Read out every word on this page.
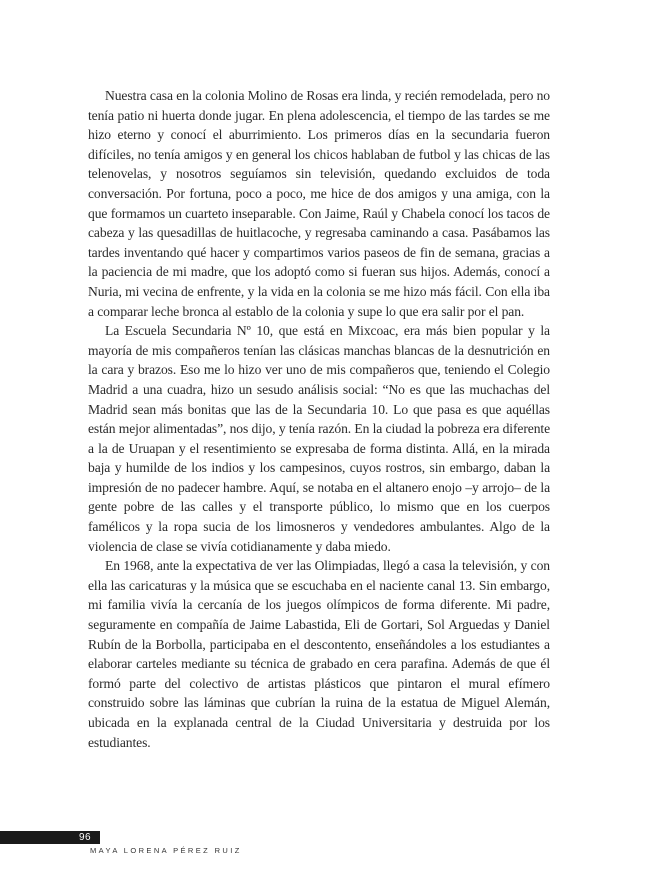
Nuestra casa en la colonia Molino de Rosas era linda, y recién remodelada, pero no tenía patio ni huerta donde jugar. En plena adolescencia, el tiempo de las tardes se me hizo eterno y conocí el aburrimiento. Los primeros días en la secundaria fueron difíciles, no tenía amigos y en general los chicos hablaban de futbol y las chicas de las telenovelas, y nosotros seguíamos sin televisión, quedando excluidos de toda conversación. Por fortuna, poco a poco, me hice de dos amigos y una amiga, con la que formamos un cuarteto inseparable. Con Jaime, Raúl y Chabela conocí los tacos de cabeza y las quesadillas de huitlacoche, y regresaba caminando a casa. Pasábamos las tardes inventando qué hacer y compartimos varios paseos de fin de semana, gracias a la paciencia de mi madre, que los adoptó como si fueran sus hijos. Además, conocí a Nuria, mi vecina de enfrente, y la vida en la colonia se me hizo más fácil. Con ella iba a comparar leche bronca al establo de la colonia y supe lo que era salir por el pan.

La Escuela Secundaria Nº 10, que está en Mixcoac, era más bien popular y la mayoría de mis compañeros tenían las clásicas manchas blancas de la desnutrición en la cara y brazos. Eso me lo hizo ver uno de mis compañeros que, teniendo el Colegio Madrid a una cuadra, hizo un sesudo análisis social: “No es que las muchachas del Madrid sean más bonitas que las de la Secundaria 10. Lo que pasa es que aquéllas están mejor alimentadas”, nos dijo, y tenía razón. En la ciudad la pobreza era diferente a la de Uruapan y el resentimiento se expresaba de forma distinta. Allá, en la mirada baja y humilde de los indios y los campesinos, cuyos rostros, sin embargo, daban la impresión de no padecer hambre. Aquí, se notaba en el altanero enojo –y arrojo– de la gente pobre de las calles y el transporte público, lo mismo que en los cuerpos famélicos y la ropa sucia de los limosneros y vendedores ambulantes. Algo de la violencia de clase se vivía cotidianamente y daba miedo.

En 1968, ante la expectativa de ver las Olimpiadas, llegó a casa la televisión, y con ella las caricaturas y la música que se escuchaba en el naciente canal 13. Sin embargo, mi familia vivía la cercanía de los juegos olímpicos de forma diferente. Mi padre, seguramente en compañía de Jaime Labastida, Eli de Gortari, Sol Arguedas y Daniel Rubín de la Borbolla, participaba en el descontento, enseñándoles a los estudiantes a elaborar carteles mediante su técnica de grabado en cera parafina. Además de que él formó parte del colectivo de artistas plásticos que pintaron el mural efímero construido sobre las láminas que cubrían la ruina de la estatua de Miguel Alemán, ubicada en la explanada central de la Ciudad Universitaria y destruida por los estudiantes.

96
MAYA LORENA PÉREZ RUIZ
